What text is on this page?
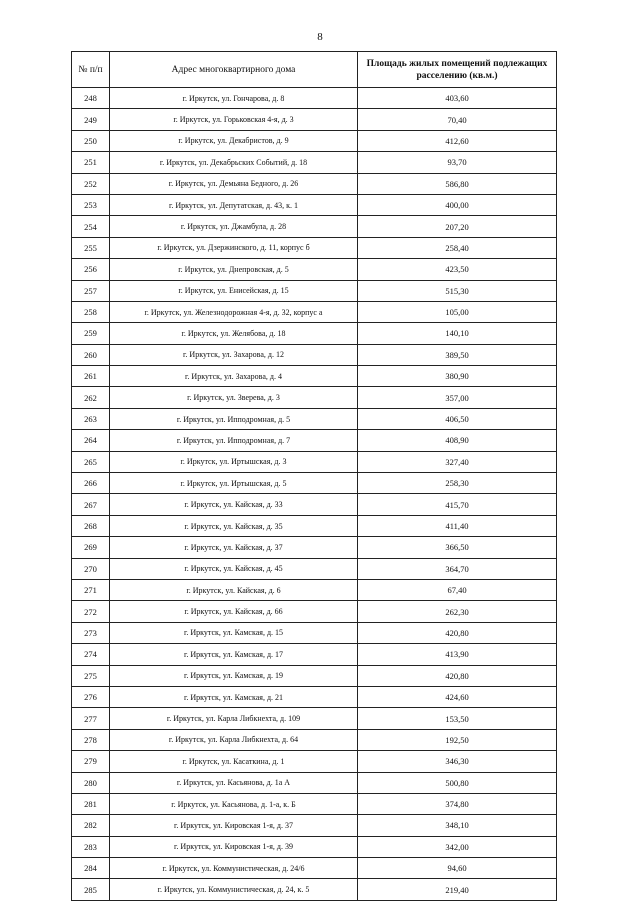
8
№ п/п	Адрес многоквартирного дома	Площадь жилых помещений подлежащих расселению (кв.м.)
248	г. Иркутск, ул. Гончарова, д. 8	403,60
249	г. Иркутск, ул. Горьковская 4-я, д. 3	70,40
250	г. Иркутск, ул. Декабристов, д. 9	412,60
251	г. Иркутск, ул. Декабрьских Событий, д. 18	93,70
252	г. Иркутск, ул. Демьяна Бедного, д. 26	586,80
253	г. Иркутск, ул. Депутатская, д. 43, к. 1	400,00
254	г. Иркутск, ул. Джамбула, д. 28	207,20
255	г. Иркутск, ул. Дзержинского, д. 11, корпус б	258,40
256	г. Иркутск, ул. Днепровская, д. 5	423,50
257	г. Иркутск, ул. Енисейская, д. 15	515,30
258	г. Иркутск, ул. Железнодорожная 4-я, д. 32, корпус а	105,00
259	г. Иркутск, ул. Желябова, д. 18	140,10
260	г. Иркутск, ул. Захарова, д. 12	389,50
261	г. Иркутск, ул. Захарова, д. 4	380,90
262	г. Иркутск, ул. Зверева, д. 3	357,00
263	г. Иркутск, ул. Ипподромная, д. 5	406,50
264	г. Иркутск, ул. Ипподромная, д. 7	408,90
265	г. Иркутск, ул. Иртышская, д. 3	327,40
266	г. Иркутск, ул. Иртышская, д. 5	258,30
267	г. Иркутск, ул. Кайская, д. 33	415,70
268	г. Иркутск, ул. Кайская, д. 35	411,40
269	г. Иркутск, ул. Кайская, д. 37	366,50
270	г. Иркутск, ул. Кайская, д. 45	364,70
271	г. Иркутск, ул. Кайская, д. 6	67,40
272	г. Иркутск, ул. Кайская, д. 66	262,30
273	г. Иркутск, ул. Камская, д. 15	420,80
274	г. Иркутск, ул. Камская, д. 17	413,90
275	г. Иркутск, ул. Камская, д. 19	420,80
276	г. Иркутск, ул. Камская, д. 21	424,60
277	г. Иркутск, ул. Карла Либкнехта, д. 109	153,50
278	г. Иркутск, ул. Карла Либкнехта, д. 64	192,50
279	г. Иркутск, ул. Касаткина, д. 1	346,30
280	г. Иркутск, ул. Касьянова, д. 1а А	500,80
281	г. Иркутск, ул. Касьянова, д. 1-а, к. Б	374,80
282	г. Иркутск, ул. Кировская 1-я, д. 37	348,10
283	г. Иркутск, ул. Кировская 1-я, д. 39	342,00
284	г. Иркутск, ул. Коммунистическая, д. 24/6	94,60
285	г. Иркутск, ул. Коммунистическая, д. 24, к. 5	219,40
